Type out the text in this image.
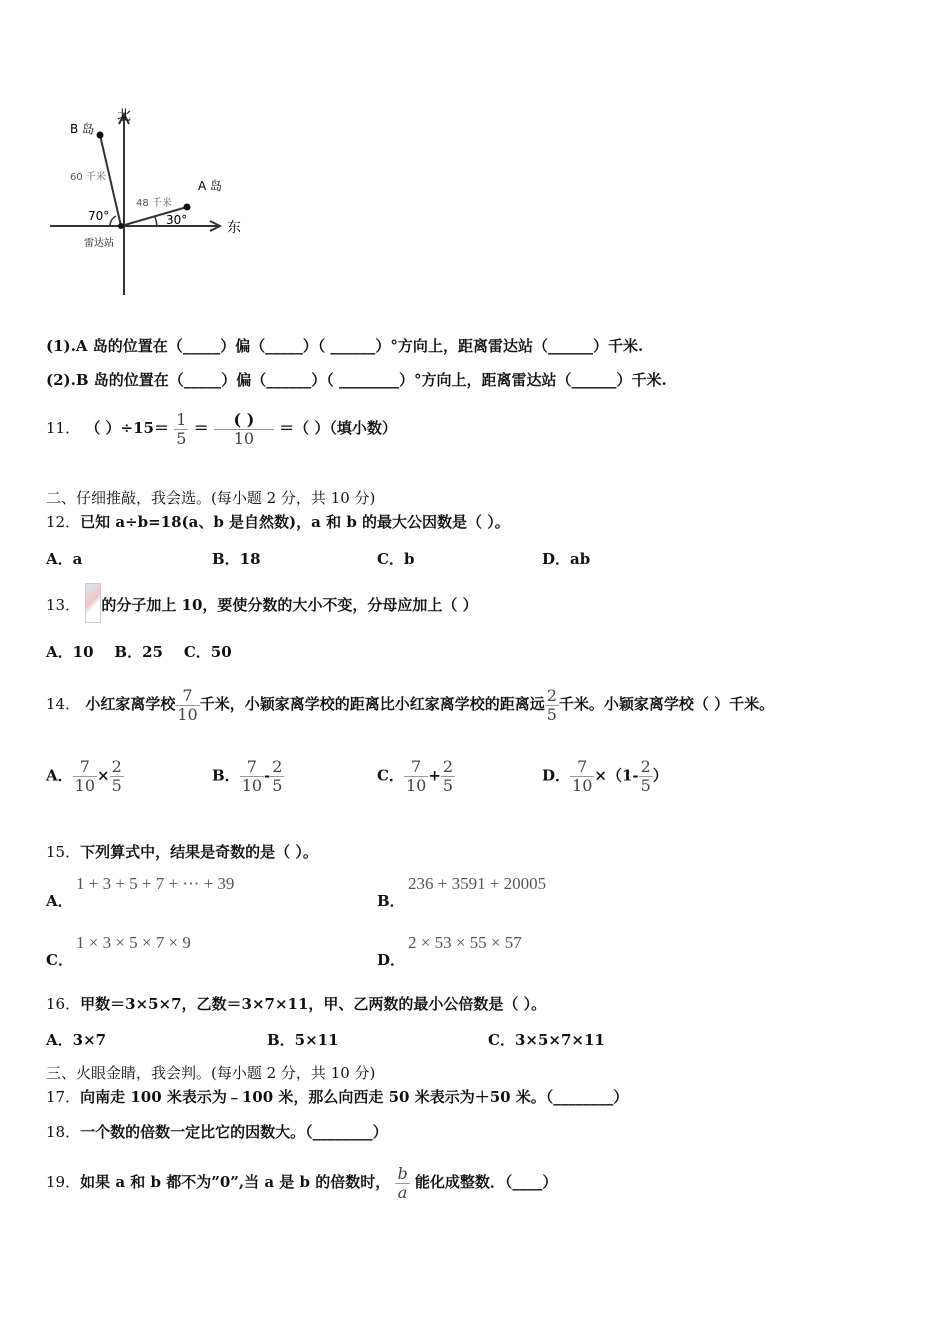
北
东
B 岛
A 岛
60 千米
48 千米
70°	30°
雷达站
(1).A 岛的位置在（_____）偏（_____）（ ______）°方向上，距离雷达站（______）千米.
(2).B 岛的位置在（_____）偏（______）（ ________）°方向上，距离雷达站（______）千米.
11． （ ）$\div 15= \frac{1}{5} = \frac{( )}{10}$ ＝（ ）（填小数）
二、仔细推敲，我会选。(每小题 2 分，共 10 分)
12．已知 a÷b=18(a、b 是自然数)，a 和 b 的最大公因数是（ ）。
A．a	B．18	C．b	D．ab
13． 的分子加上 10，要使分数的大小不变，分母应加上（ ）
A．10    B．25    C．50
14． 小红家离学校 $\frac{7}{10}$ 千米，小颖家离学校的距离比小红家离学校的距离远 $\frac{2}{5}$ 千米。小颖家离学校（ ）千米。
A． $\frac{7}{10} \times \frac{2}{5}$	B． $\frac{7}{10} - \frac{2}{5}$	C． $\frac{7}{10} + \frac{2}{5}$	D． $\frac{7}{10} \times(1- \frac{2}{5}$ ）
15．下列算式中，结果是奇数的是（ ）。
A．
1 + 3 + 5 + 7 + ⋯ + 39
B．
236 + 3591 + 20005
C．
1 × 3 × 5 × 7 × 9
D．
2 × 53 × 55 × 57
16．甲数＝3×5×7，乙数＝3×7×11，甲、乙两数的最小公倍数是（ ）。
A．3×7	B．5×11	C．3×5×7×11
三、火眼金睛，我会判。(每小题 2 分，共 10 分)
17．向南走 100 米表示为﹣100 米，那么向西走 50 米表示为＋50 米。（________）
18．一个数的倍数一定比它的因数大。（________）
19．如果 a 和 b 都不为”0”,当 a 是 b 的倍数时， $\frac{b}{a}$ 能化成整数．（____）
